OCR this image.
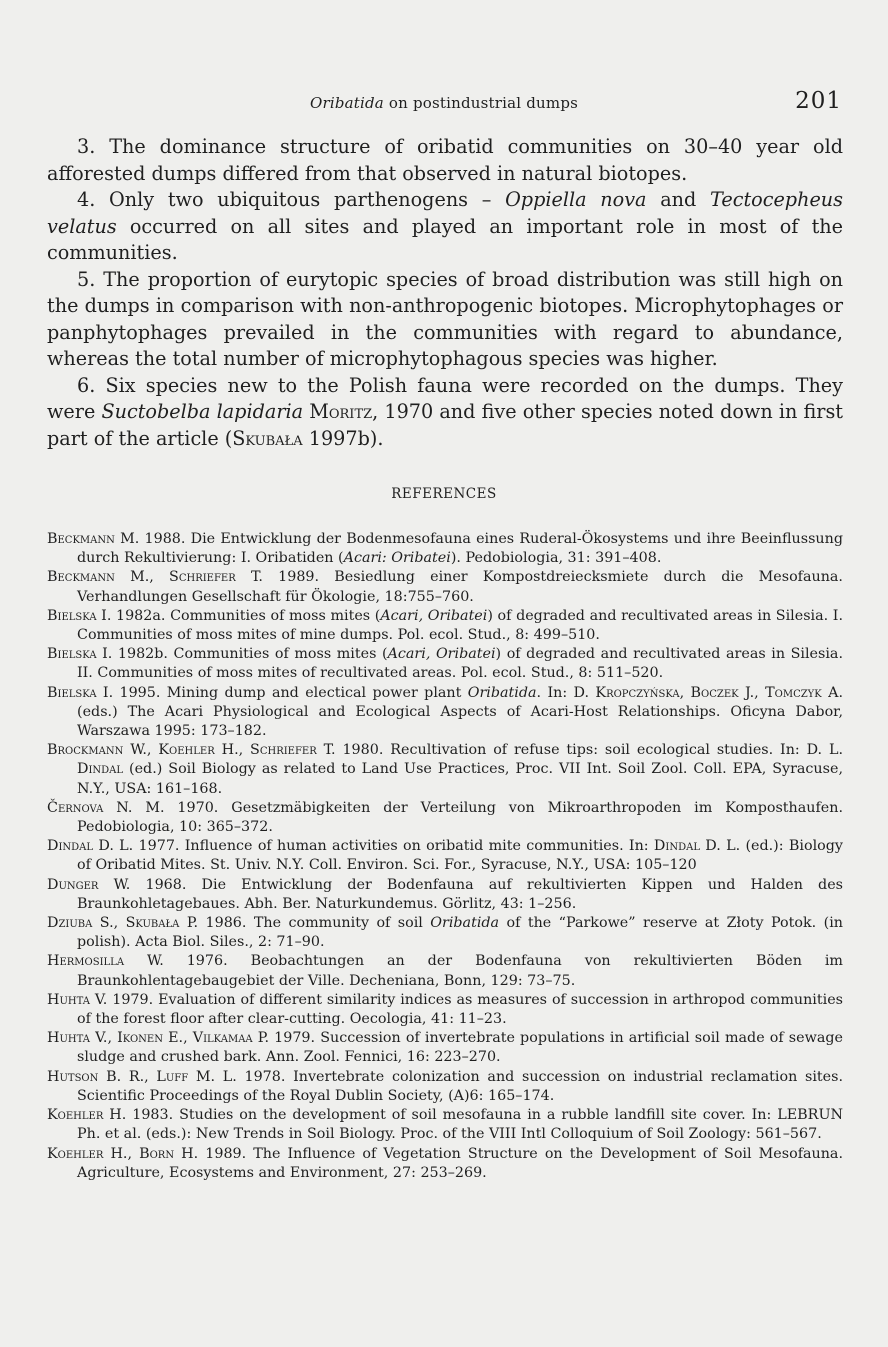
Oribatida on postindustrial dumps	201

3. The dominance structure of oribatid communities on 30–40 year old afforested dumps differed from that observed in natural biotopes.

4. Only two ubiquitous parthenogens – Oppiella nova and Tectocepheus velatus occurred on all sites and played an important role in most of the communities.

5. The proportion of eurytopic species of broad distribution was still high on the dumps in comparison with non-anthropogenic biotopes. Microphytophages or panphytophages prevailed in the communities with regard to abundance, whereas the total number of microphytophagous species was higher.

6. Six species new to the Polish fauna were recorded on the dumps. They were Suctobelba lapidaria Moritz, 1970 and five other species noted down in first part of the article (Skubała 1997b).

REFERENCES
Beckmann M. 1988. Die Entwicklung der Bodenmesofauna eines Ruderal-Ökosystems und ihre Beeinflussung durch Rekultivierung: I. Oribatiden (Acari: Oribatei). Pedobiologia, 31: 391–408.
Beckmann M., Schriefer T. 1989. Besiedlung einer Kompostdreiecksmiete durch die Mesofauna. Verhandlungen Gesellschaft für Ökologie, 18:755–760.
Bielska I. 1982a. Communities of moss mites (Acari, Oribatei) of degraded and recultivated areas in Silesia. I. Communities of moss mites of mine dumps. Pol. ecol. Stud., 8: 499–510.
Bielska I. 1982b. Communities of moss mites (Acari, Oribatei) of degraded and recultivated areas in Silesia. II. Communities of moss mites of recultivated areas. Pol. ecol. Stud., 8: 511–520.
Bielska I. 1995. Mining dump and electical power plant Oribatida. In: D. Kropczyńska, Boczek J., Tomczyk A. (eds.) The Acari Physiological and Ecological Aspects of Acari-Host Relationships. Oficyna Dabor, Warszawa 1995: 173–182.
Brockmann W., Koehler H., Schriefer T. 1980. Recultivation of refuse tips: soil ecological studies. In: D. L. Dindal (ed.) Soil Biology as related to Land Use Practices, Proc. VII Int. Soil Zool. Coll. EPA, Syracuse, N.Y., USA: 161–168.
Černova N. M. 1970. Gesetzmäbigkeiten der Verteilung von Mikroarthropoden im Komposthaufen. Pedobiologia, 10: 365–372.
Dindal D. L. 1977. Influence of human activities on oribatid mite communities. In: Dindal D. L. (ed.): Biology of Oribatid Mites. St. Univ. N.Y. Coll. Environ. Sci. For., Syracuse, N.Y., USA: 105–120
Dunger W. 1968. Die Entwicklung der Bodenfauna auf rekultivierten Kippen und Halden des Braunkohletagebaues. Abh. Ber. Naturkundemus. Görlitz, 43: 1–256.
Dziuba S., Skubała P. 1986. The community of soil Oribatida of the “Parkowe” reserve at Złoty Potok. (in polish). Acta Biol. Siles., 2: 71–90.
Hermosilla W. 1976. Beobachtungen an der Bodenfauna von rekultivierten Böden im Braunkohlentagebaugebiet der Ville. Decheniana, Bonn, 129: 73–75.
Huhta V. 1979. Evaluation of different similarity indices as measures of succession in arthropod communities of the forest floor after clear-cutting. Oecologia, 41: 11–23.
Huhta V., Ikonen E., Vilkamaa P. 1979. Succession of invertebrate populations in artificial soil made of sewage sludge and crushed bark. Ann. Zool. Fennici, 16: 223–270.
Hutson B. R., Luff M. L. 1978. Invertebrate colonization and succession on industrial reclamation sites. Scientific Proceedings of the Royal Dublin Society, (A)6: 165–174.
Koehler H. 1983. Studies on the development of soil mesofauna in a rubble landfill site cover. In: LEBRUN Ph. et al. (eds.): New Trends in Soil Biology. Proc. of the VIII Intl Colloquium of Soil Zoology: 561–567.
Koehler H., Born H. 1989. The Influence of Vegetation Structure on the Development of Soil Mesofauna. Agriculture, Ecosystems and Environment, 27: 253–269.
